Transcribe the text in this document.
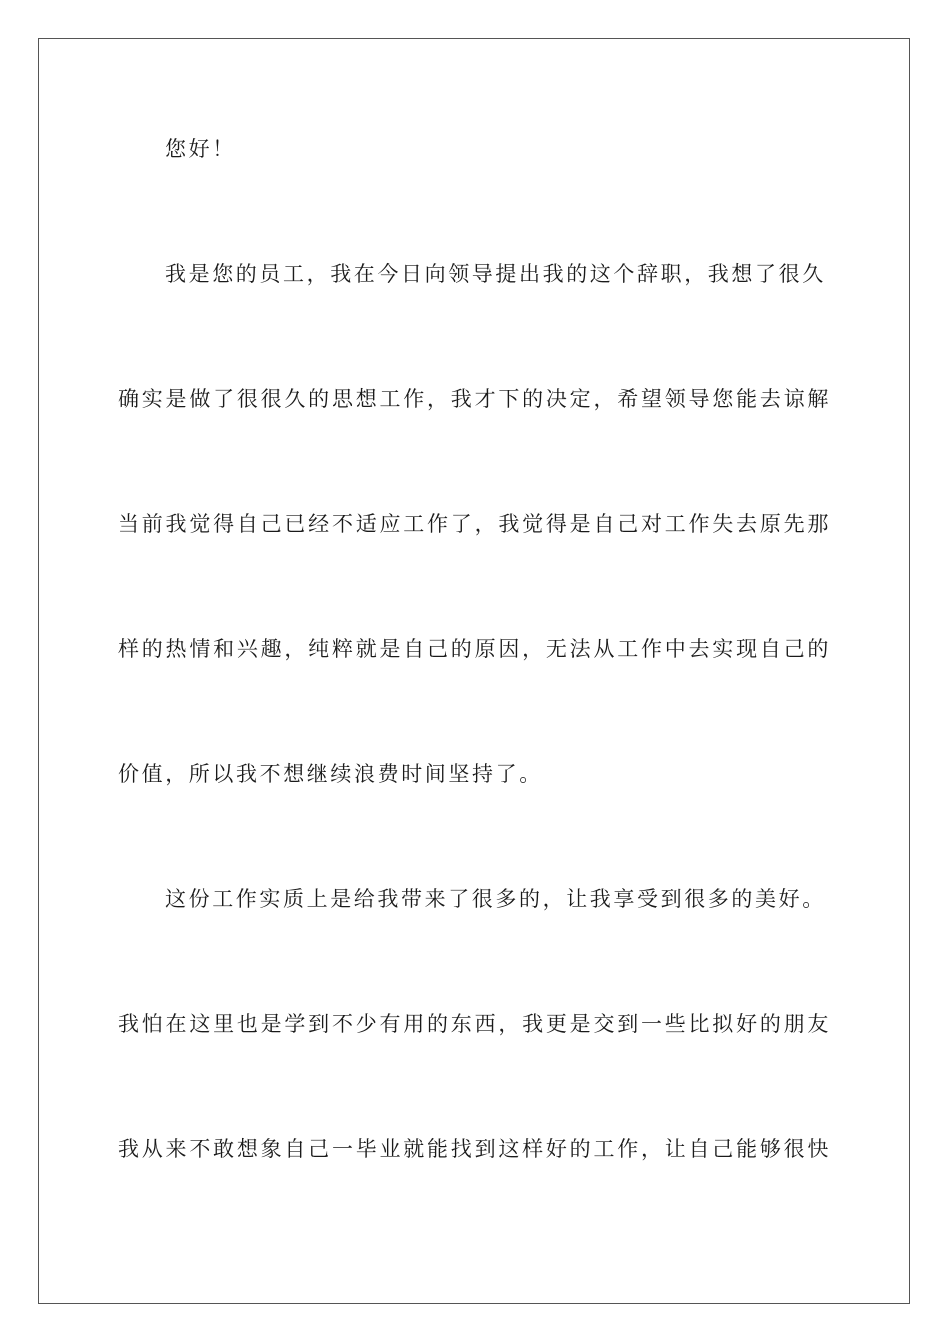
您好！
我是您的员工，我在今日向领导提出我的这个辞职，我想了很久
确实是做了很很久的思想工作，我才下的决定，希望领导您能去谅解
当前我觉得自己已经不适应工作了，我觉得是自己对工作失去原先那
样的热情和兴趣，纯粹就是自己的原因，无法从工作中去实现自己的
价值，所以我不想继续浪费时间坚持了。
这份工作实质上是给我带来了很多的，让我享受到很多的美好。
我怕在这里也是学到不少有用的东西，我更是交到一些比拟好的朋友
我从来不敢想象自己一毕业就能找到这样好的工作，让自己能够很快
